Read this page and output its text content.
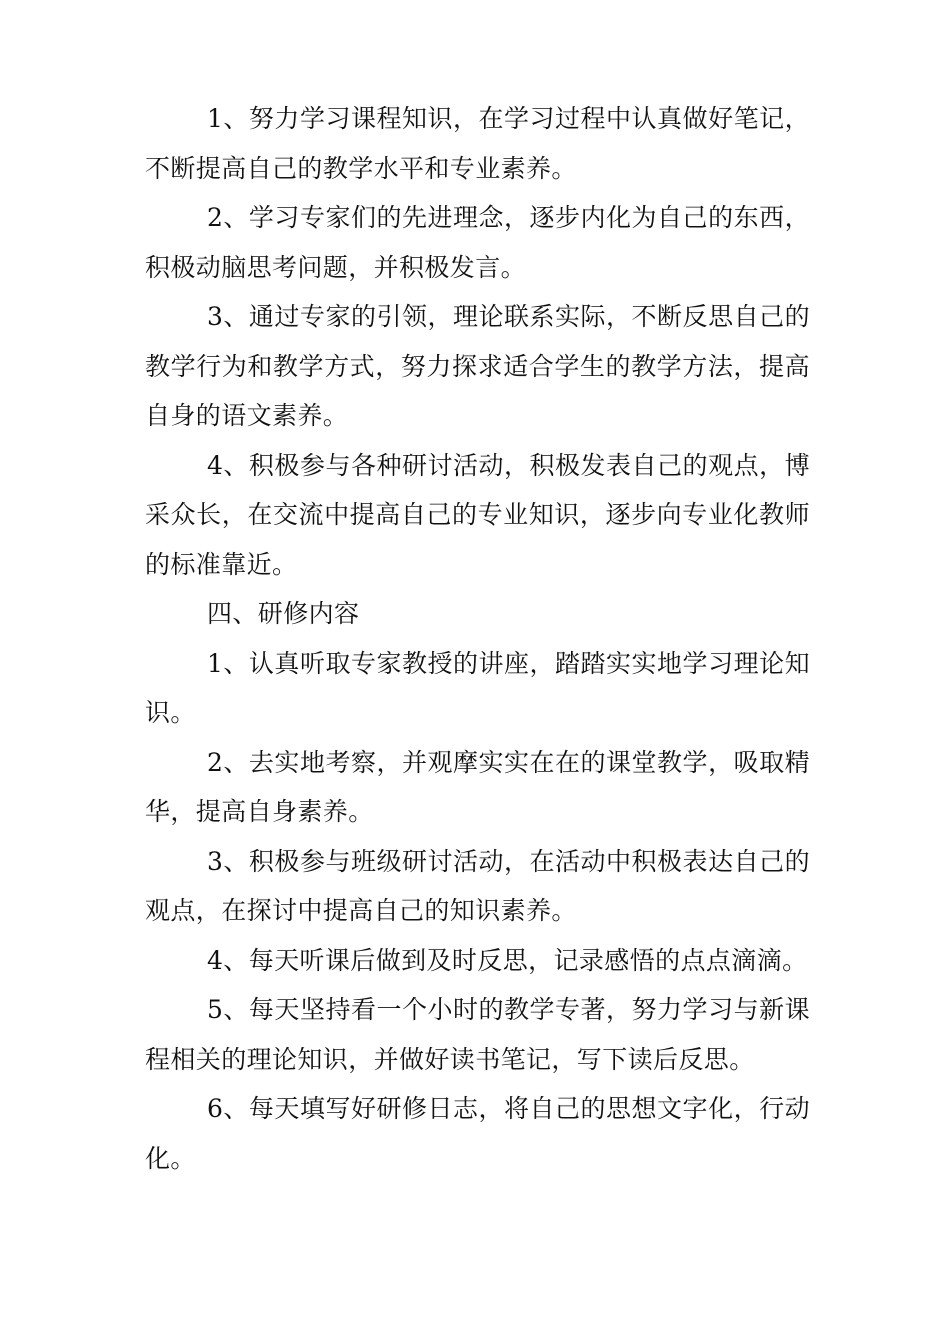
1、努力学习课程知识，在学习过程中认真做好笔记，不断提高自己的教学水平和专业素养。

2、学习专家们的先进理念，逐步内化为自己的东西，积极动脑思考问题，并积极发言。

3、通过专家的引领，理论联系实际，不断反思自己的教学行为和教学方式，努力探求适合学生的教学方法，提高自身的语文素养。

4、积极参与各种研讨活动，积极发表自己的观点，博采众长，在交流中提高自己的专业知识，逐步向专业化教师的标准靠近。

四、研修内容

1、认真听取专家教授的讲座，踏踏实实地学习理论知识。

2、去实地考察，并观摩实实在在的课堂教学，吸取精华，提高自身素养。

3、积极参与班级研讨活动，在活动中积极表达自己的观点，在探讨中提高自己的知识素养。

4、每天听课后做到及时反思，记录感悟的点点滴滴。

5、每天坚持看一个小时的教学专著，努力学习与新课程相关的理论知识，并做好读书笔记，写下读后反思。

6、每天填写好研修日志，将自己的思想文字化，行动化。
